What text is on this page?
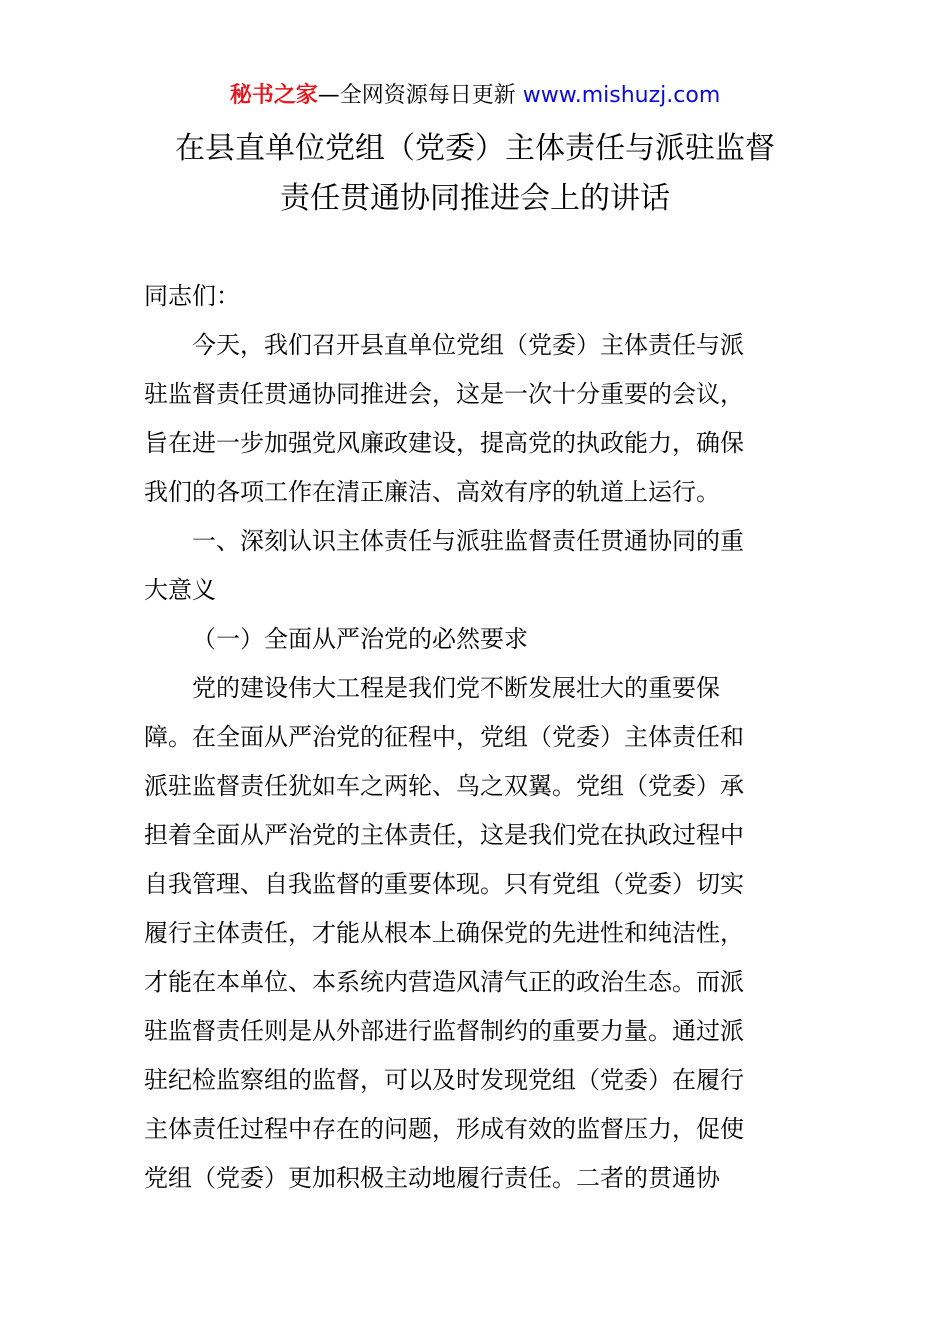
秘书之家—全网资源每日更新 www.mishuzj.com
在县直单位党组（党委）主体责任与派驻监督
责任贯通协同推进会上的讲话

同志们：

今天，我们召开县直单位党组（党委）主体责任与派
驻监督责任贯通协同推进会，这是一次十分重要的会议，
旨在进一步加强党风廉政建设，提高党的执政能力，确保
我们的各项工作在清正廉洁、高效有序的轨道上运行。

一、深刻认识主体责任与派驻监督责任贯通协同的重
大意义

（一）全面从严治党的必然要求

党的建设伟大工程是我们党不断发展壮大的重要保
障。在全面从严治党的征程中，党组（党委）主体责任和
派驻监督责任犹如车之两轮、鸟之双翼。党组（党委）承
担着全面从严治党的主体责任，这是我们党在执政过程中
自我管理、自我监督的重要体现。只有党组（党委）切实
履行主体责任，才能从根本上确保党的先进性和纯洁性，
才能在本单位、本系统内营造风清气正的政治生态。而派
驻监督责任则是从外部进行监督制约的重要力量。通过派
驻纪检监察组的监督，可以及时发现党组（党委）在履行
主体责任过程中存在的问题，形成有效的监督压力，促使
党组（党委）更加积极主动地履行责任。二者的贯通协
